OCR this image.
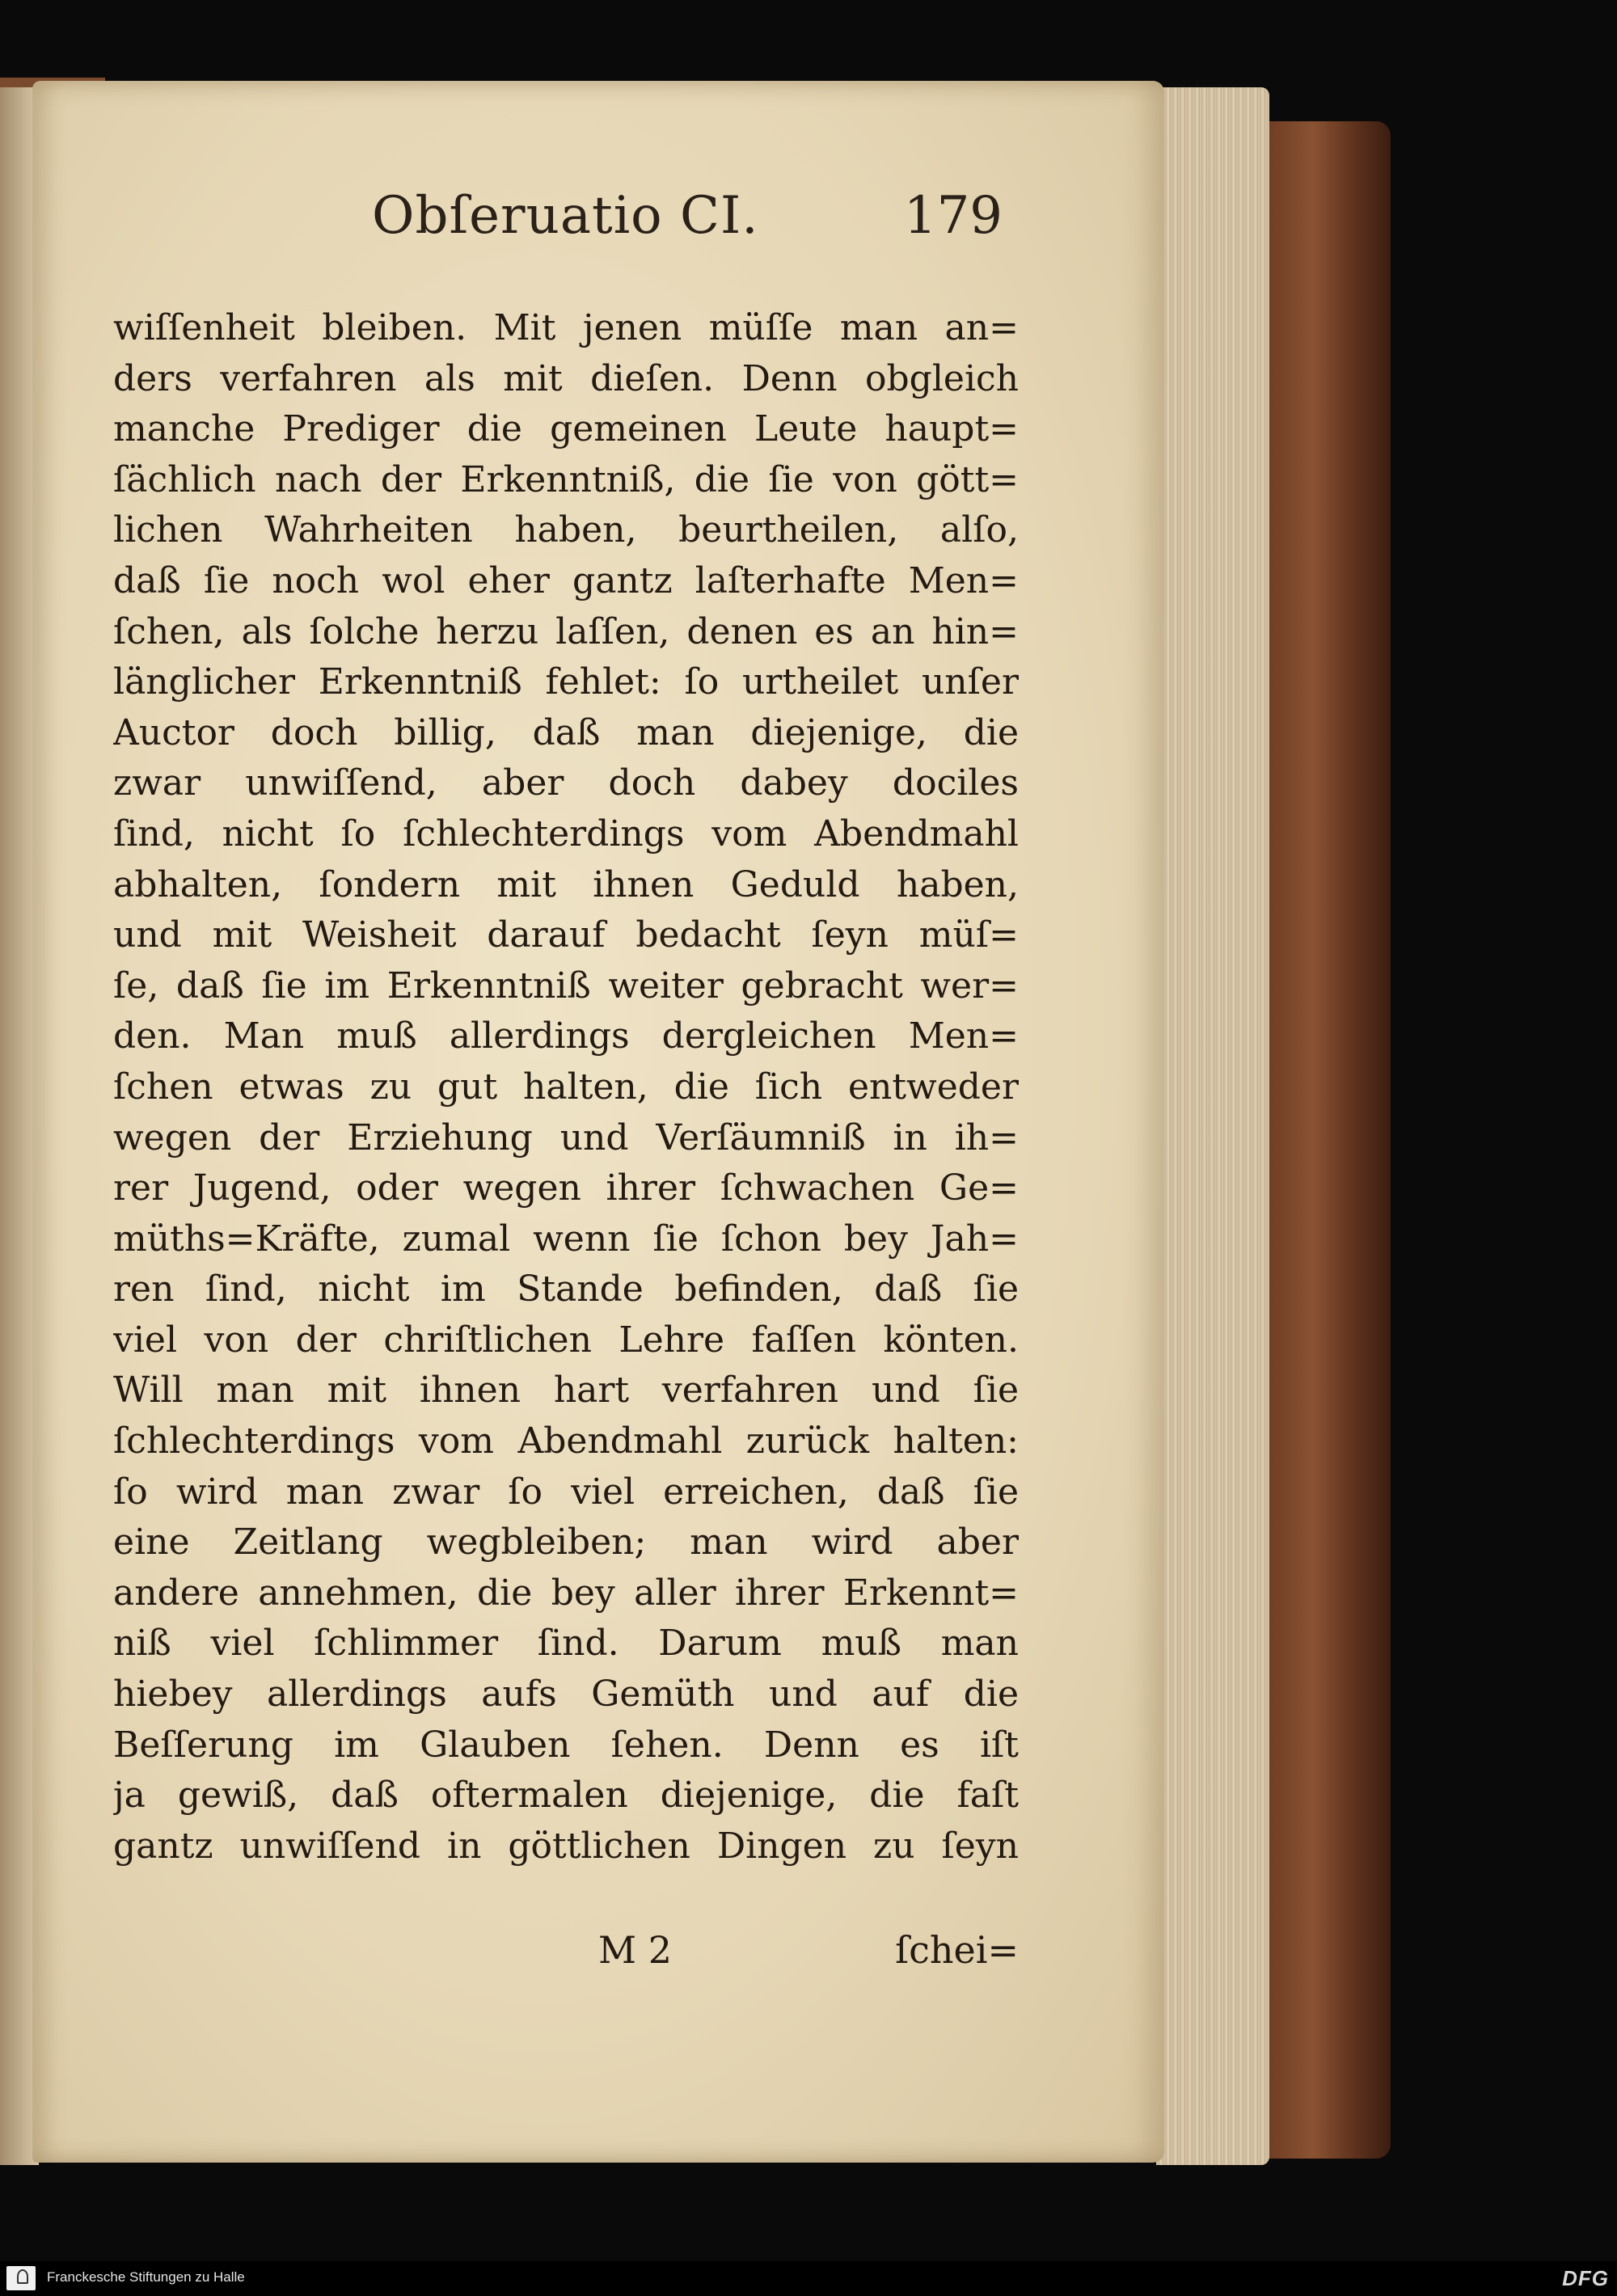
Obſeruatio CI.	179
wiſſenheit bleiben. Mit jenen müſſe man an=
ders verfahren als mit dieſen. Denn obgleich
manche Prediger die gemeinen Leute haupt=
ſächlich nach der Erkenntniß, die ſie von gött=
lichen Wahrheiten haben, beurtheilen, alſo,
daß ſie noch wol eher gantz laſterhafte Men=
ſchen, als ſolche herzu laſſen, denen es an hin=
länglicher Erkenntniß fehlet: ſo urtheilet unſer
Auctor doch billig, daß man diejenige, die
zwar unwiſſend, aber doch dabey dociles
ſind, nicht ſo ſchlechterdings vom Abendmahl
abhalten, ſondern mit ihnen Geduld haben,
und mit Weisheit darauf bedacht ſeyn müſ=
ſe, daß ſie im Erkenntniß weiter gebracht wer=
den. Man muß allerdings dergleichen Men=
ſchen etwas zu gut halten, die ſich entweder
wegen der Erziehung und Verſäumniß in ih=
rer Jugend, oder wegen ihrer ſchwachen Ge=
müths=Kräfte, zumal wenn ſie ſchon bey Jah=
ren ſind, nicht im Stande befinden, daß ſie
viel von der chriſtlichen Lehre faſſen könten.
Will man mit ihnen hart verfahren und ſie
ſchlechterdings vom Abendmahl zurück halten:
ſo wird man zwar ſo viel erreichen, daß ſie
eine Zeitlang wegbleiben; man wird aber
andere annehmen, die bey aller ihrer Erkennt=
niß viel ſchlimmer ſind. Darum muß man
hiebey allerdings aufs Gemüth und auf die
Beſſerung im Glauben ſehen. Denn es iſt
ja gewiß, daß oftermalen diejenige, die faſt
gantz unwiſſend in göttlichen Dingen zu ſeyn
M 2	ſchei=
Franckesche Stiftungen zu Halle	DFG
